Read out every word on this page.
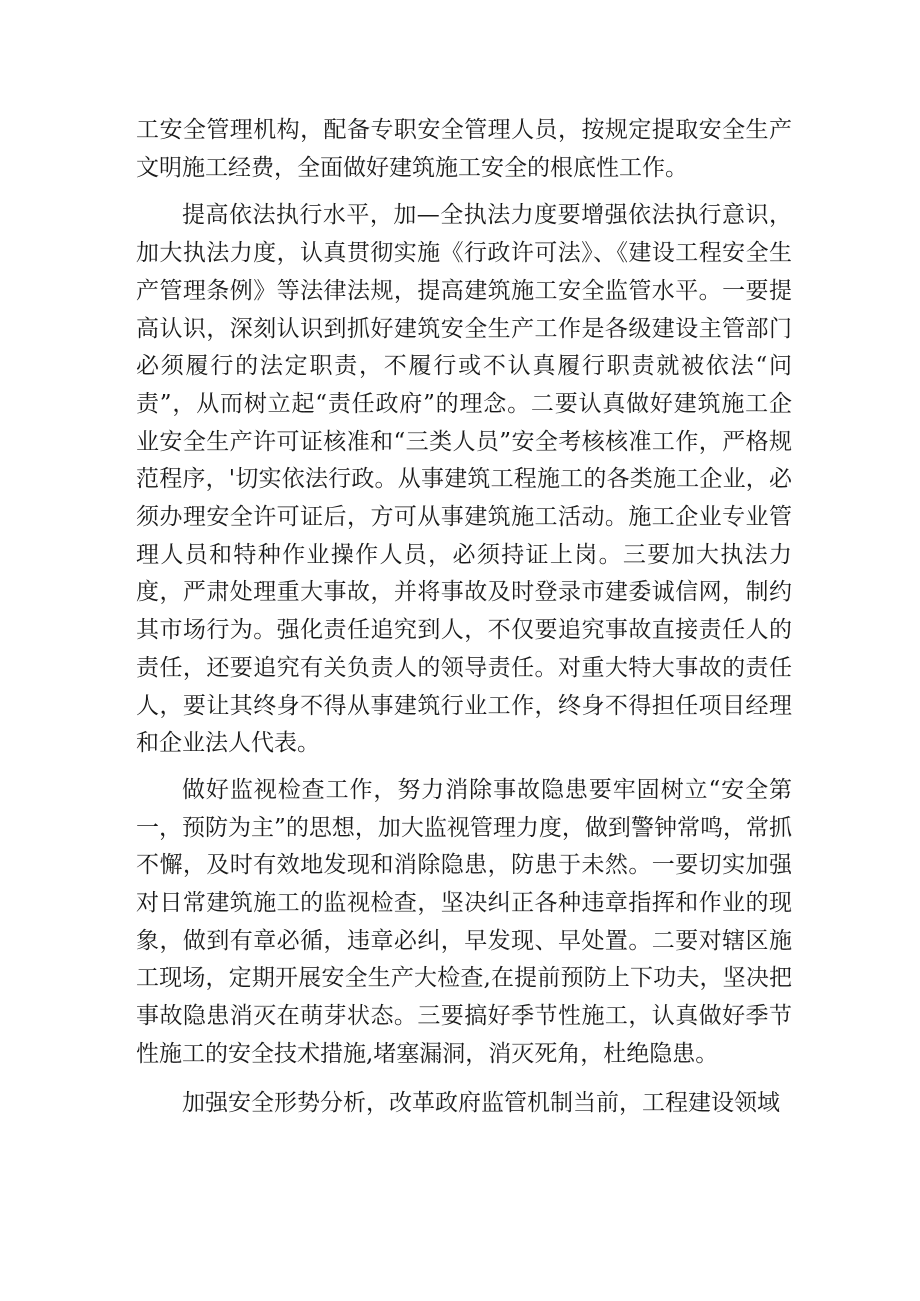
工安全管理机构，配备专职安全管理人员，按规定提取安全生产文明施工经费，全面做好建筑施工安全的根底性工作。

提高依法执行水平，加—全执法力度要增强依法执行意识，加大执法力度，认真贯彻实施《行政许可法》、《建设工程安全生产管理条例》等法律法规，提高建筑施工安全监管水平。一要提高认识，深刻认识到抓好建筑安全生产工作是各级建设主管部门必须履行的法定职责，不履行或不认真履行职责就被依法“问责”，从而树立起“责任政府”的理念。二要认真做好建筑施工企业安全生产许可证核准和“三类人员”安全考核核准工作，严格规范程序，'切实依法行政。从事建筑工程施工的各类施工企业，必须办理安全许可证后，方可从事建筑施工活动。施工企业专业管理人员和特种作业操作人员，必须持证上岗。三要加大执法力度，严肃处理重大事故，并将事故及时登录市建委诚信网，制约其市场行为。强化责任追究到人，不仅要追究事故直接责任人的责任，还要追究有关负责人的领导责任。对重大特大事故的责任人，要让其终身不得从事建筑行业工作，终身不得担任项目经理和企业法人代表。

做好监视检查工作，努力消除事故隐患要牢固树立“安全第一，预防为主”的思想，加大监视管理力度，做到警钟常鸣，常抓不懈，及时有效地发现和消除隐患，防患于未然。一要切实加强对日常建筑施工的监视检查，坚决纠正各种违章指挥和作业的现象，做到有章必循，违章必纠，早发现、早处置。二要对辖区施工现场，定期开展安全生产大检查,在提前预防上下功夫，坚决把事故隐患消灭在萌芽状态。三要搞好季节性施工，认真做好季节性施工的安全技术措施,堵塞漏洞，消灭死角，杜绝隐患。

加强安全形势分析，改革政府监管机制当前，工程建设领域
